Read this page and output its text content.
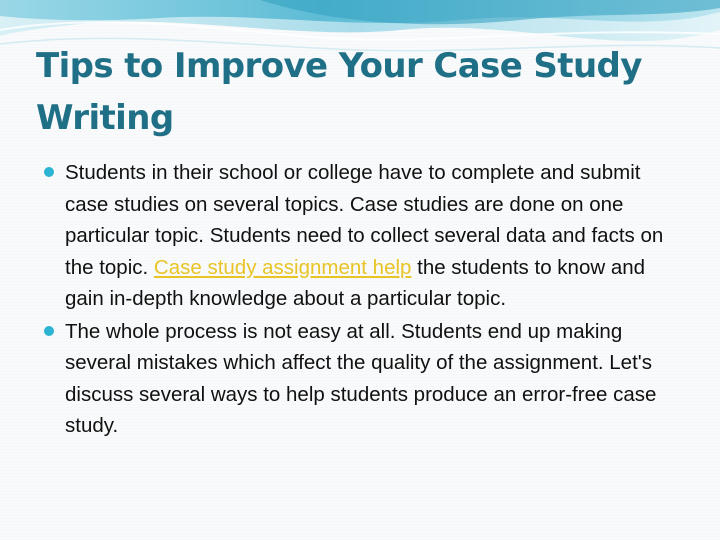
Tips to Improve Your Case Study Writing
Students in their school or college have to complete and submit case studies on several topics. Case studies are done on one particular topic. Students need to collect several data and facts on the topic. Case study assignment help the students to know and gain in-depth knowledge about a particular topic.
The whole process is not easy at all. Students end up making several mistakes which affect the quality of the assignment. Let's discuss several ways to help students produce an error-free case study.
